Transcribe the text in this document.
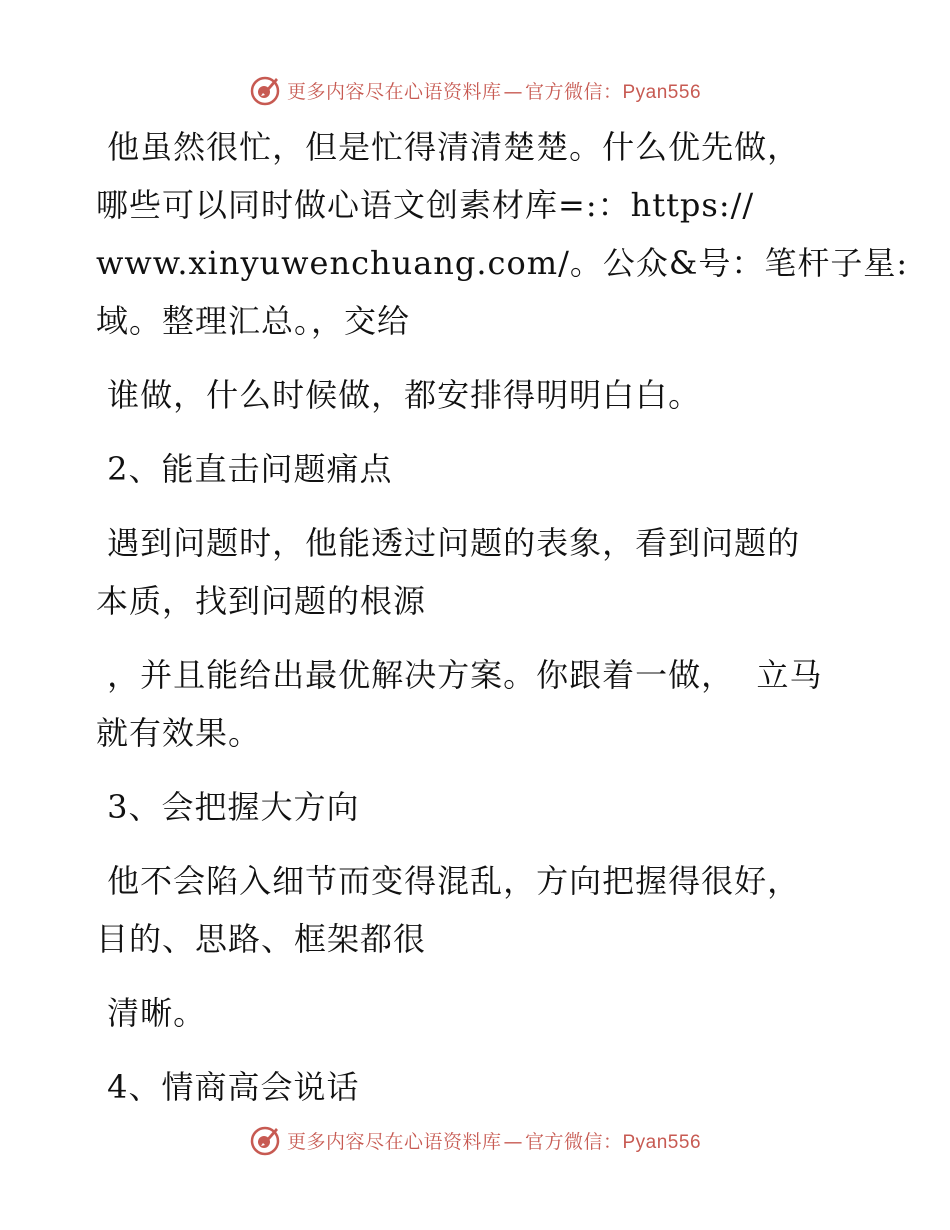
更多内容尽在心语资料库 — 官方微信：Pyan556
他虽然很忙，但是忙得清清楚楚。什么优先做，
哪些可以同时做心语文创素材库=:：https://
www.xinyuwenchuang.com/。公众&号：笔杆子星:
域。整理汇总。，交给
谁做，什么时候做，都安排得明明白白。
2、能直击问题痛点
遇到问题时，他能透过问题的表象，看到问题的
本质，找到问题的根源
，并且能给出最优解决方案。你跟着一做，  立马
就有效果。
3、会把握大方向
他不会陷入细节而变得混乱，方向把握得很好，
目的、思路、框架都很
清晰。
4、情商高会说话
更多内容尽在心语资料库 — 官方微信：Pyan556
